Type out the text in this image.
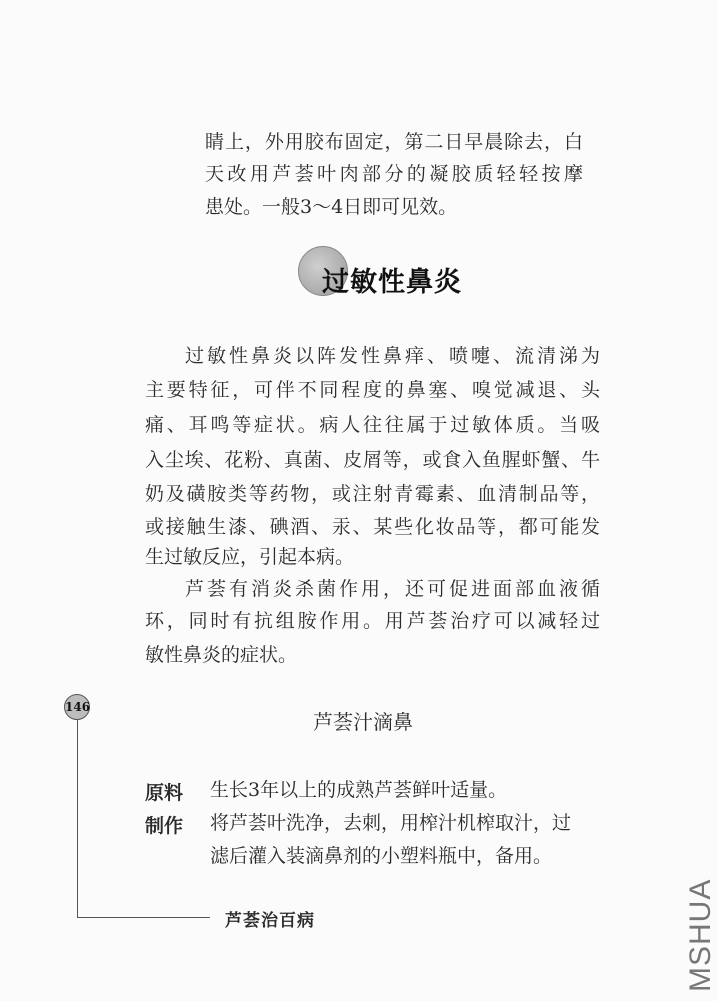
睛上，外用胶布固定，第二日早晨除去，白
天改用芦荟叶肉部分的凝胶质轻轻按摩
患处。一般3～4日即可见效。
过敏性鼻炎
过敏性鼻炎以阵发性鼻痒、喷嚏、流清涕为
主要特征，可伴不同程度的鼻塞、嗅觉减退、头
痛、耳鸣等症状。病人往往属于过敏体质。当吸
入尘埃、花粉、真菌、皮屑等，或食入鱼腥虾蟹、牛
奶及磺胺类等药物，或注射青霉素、血清制品等，
或接触生漆、碘酒、汞、某些化妆品等，都可能发
生过敏反应，引起本病。
芦荟有消炎杀菌作用，还可促进面部血液循
环，同时有抗组胺作用。用芦荟治疗可以减轻过
敏性鼻炎的症状。
146
芦荟汁滴鼻
原料 生长3年以上的成熟芦荟鲜叶适量。
制作 将芦荟叶洗净，去刺，用榨汁机榨取汁，过
滤后灌入装滴鼻剂的小塑料瓶中，备用。
芦荟治百病	MSHUA
